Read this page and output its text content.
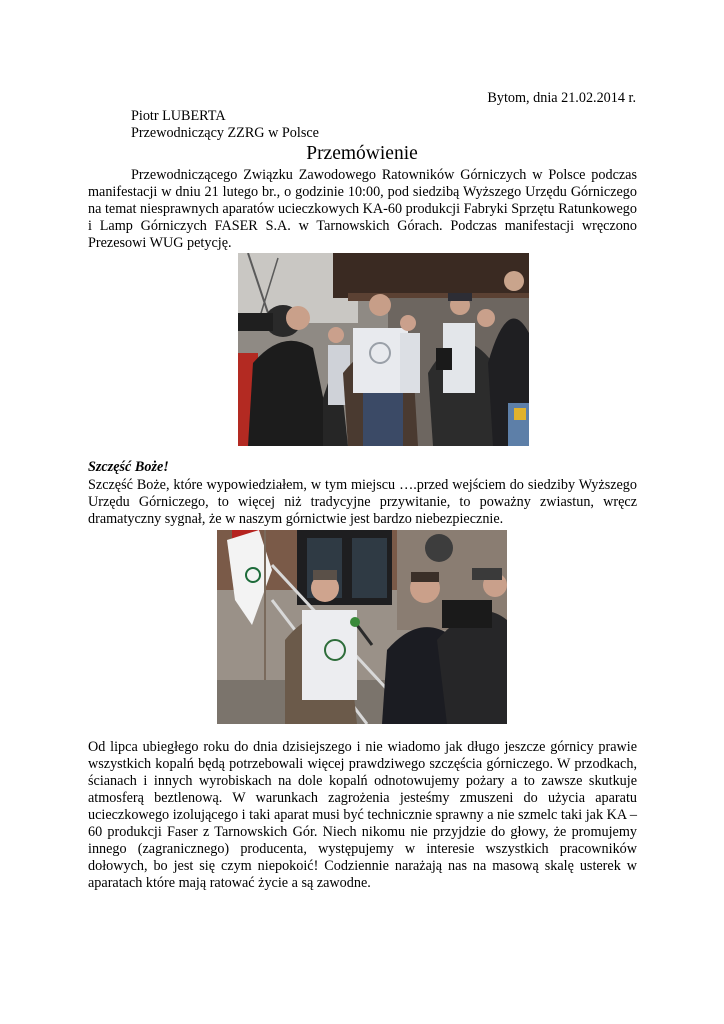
Bytom, dnia 21.02.2014 r.
Piotr LUBERTA
Przewodniczący ZZRG w Polsce
Przemówienie
Przewodniczącego Związku Zawodowego Ratowników Górniczych w Polsce podczas manifestacji w dniu 21 lutego br., o godzinie 10:00, pod siedzibą Wyższego Urzędu Górniczego na temat niesprawnych aparatów ucieczkowych KA-60 produkcji Fabryki Sprzętu Ratunkowego i Lamp Górniczych FASER S.A. w Tarnowskich Górach. Podczas manifestacji wręczono Prezesowi WUG petycję.
Szczęść Boże!
Szczęść Boże, które wypowiedziałem, w tym miejscu ….przed wejściem do siedziby Wyższego Urzędu Górniczego, to więcej niż tradycyjne przywitanie, to poważny zwiastun, wręcz dramatyczny sygnał, że w naszym górnictwie jest bardzo niebezpiecznie.
Od lipca ubiegłego roku do dnia dzisiejszego i nie wiadomo jak długo jeszcze górnicy prawie wszystkich kopalń będą potrzebowali więcej prawdziwego szczęścia górniczego. W przodkach, ścianach i innych wyrobiskach na dole kopalń odnotowujemy pożary a to zawsze skutkuje atmosferą beztlenową. W warunkach zagrożenia jesteśmy zmuszeni do użycia aparatu ucieczkowego izolującego i taki aparat musi być technicznie sprawny a nie szmelc taki jak KA – 60 produkcji Faser z Tarnowskich Gór. Niech nikomu nie przyjdzie do głowy, że promujemy innego (zagranicznego) producenta, występujemy w interesie wszystkich pracowników dołowych, bo jest się czym niepokoić! Codziennie narażają nas na masową skalę usterek w aparatach które mają ratować życie a są zawodne.
